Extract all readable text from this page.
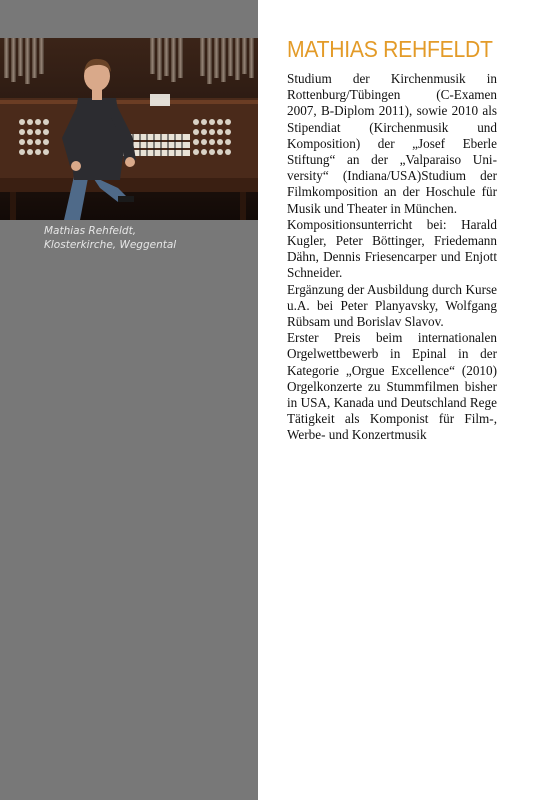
Mathias Rehfeldt,
Klosterkirche, Weggental
MATHIAS REHFELDT

Studium der Kirchenmusik in Rottenburg/Tübingen (C-Examen 2007, B-Diplom 2011), sowie 2010 als Stipendiat (Kirchenmusik und Komposition) der „Josef Eberle Stiftung“ an der „Valparaiso University“ (Indiana/USA)Studium der Filmkomposition an der Hoschule für Musik und Theater in München.

Kompositionsunterricht bei: Harald Kugler, Peter Böttinger, Friedemann Dähn, Dennis Friesencarper und Enjott Schneider.

Ergänzung der Ausbildung durch Kurse u.A. bei Peter Planyavsky, Wolfgang Rübsam und Borislav Slavov.

Erster Preis beim internationalen Orgelwettbewerb in Epinal in der Kategorie „Orgue Excellence“ (2010) Orgelkonzerte zu Stummfilmen bisher in USA, Kanada und Deutschland Rege Tätigkeit als Komponist für Film-, Werbe- und Konzertmusik
